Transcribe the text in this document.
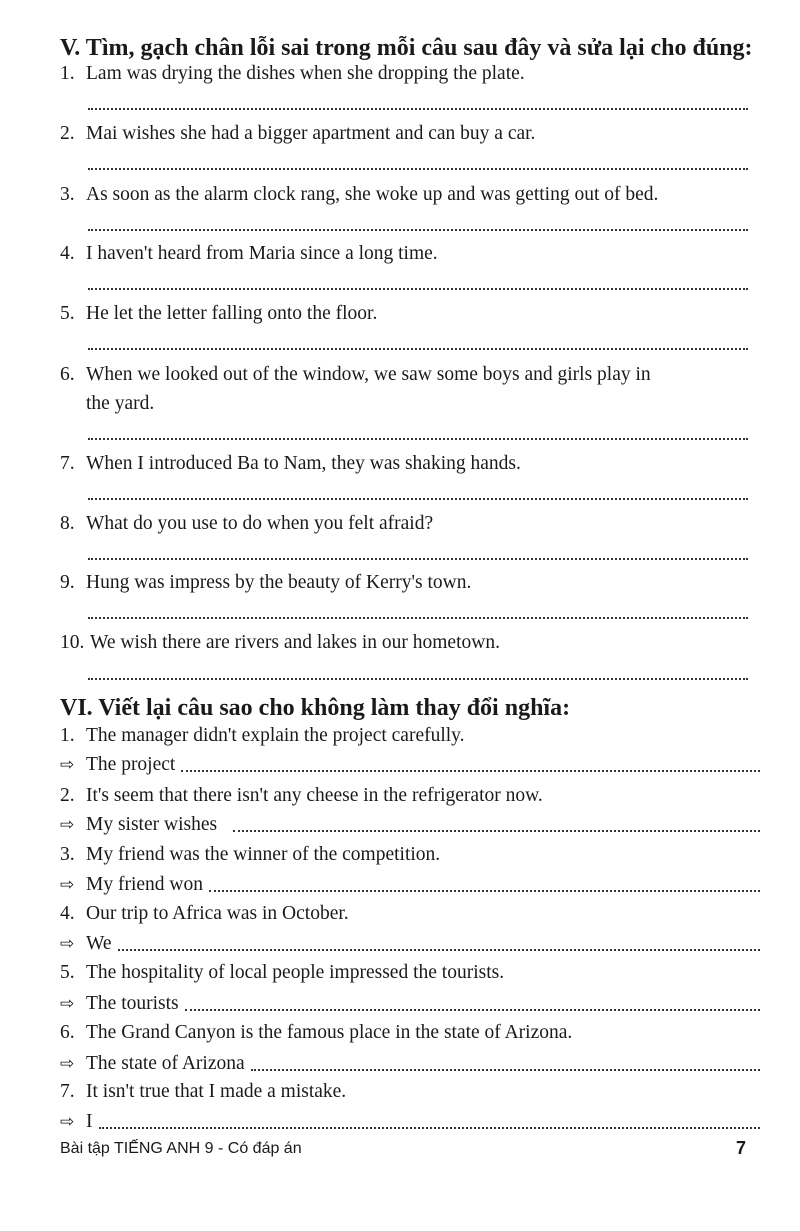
V. Tìm, gạch chân lỗi sai trong mỗi câu sau đây và sửa lại cho đúng:
1. Lam was drying the dishes when she dropping the plate.
2. Mai wishes she had a bigger apartment and can buy a car.
3. As soon as the alarm clock rang, she woke up and was getting out of bed.
4. I haven't heard from Maria since a long time.
5. He let the letter falling onto the floor.
6. When we looked out of the window, we saw some boys and girls play in
the yard.
7. When I introduced Ba to Nam, they was shaking hands.
8. What do you use to do when you felt afraid?
9. Hung was impress by the beauty of Kerry's town.
10. We wish there are rivers and lakes in our hometown.
VI. Viết lại câu sao cho không làm thay đổi nghĩa:
1. The manager didn't explain the project carefully.
⇨ The project
2. It's seem that there isn't any cheese in the refrigerator now.
⇨ My sister wishes
3. My friend was the winner of the competition.
⇨ My friend won
4. Our trip to Africa was in October.
⇨ We
5. The hospitality of local people impressed the tourists.
⇨ The tourists
6. The Grand Canyon is the famous place in the state of Arizona.
⇨ The state of Arizona
7. It isn't true that I made a mistake.
⇨ I
Bài tập TIẾNG ANH 9 - Có đáp án	7
